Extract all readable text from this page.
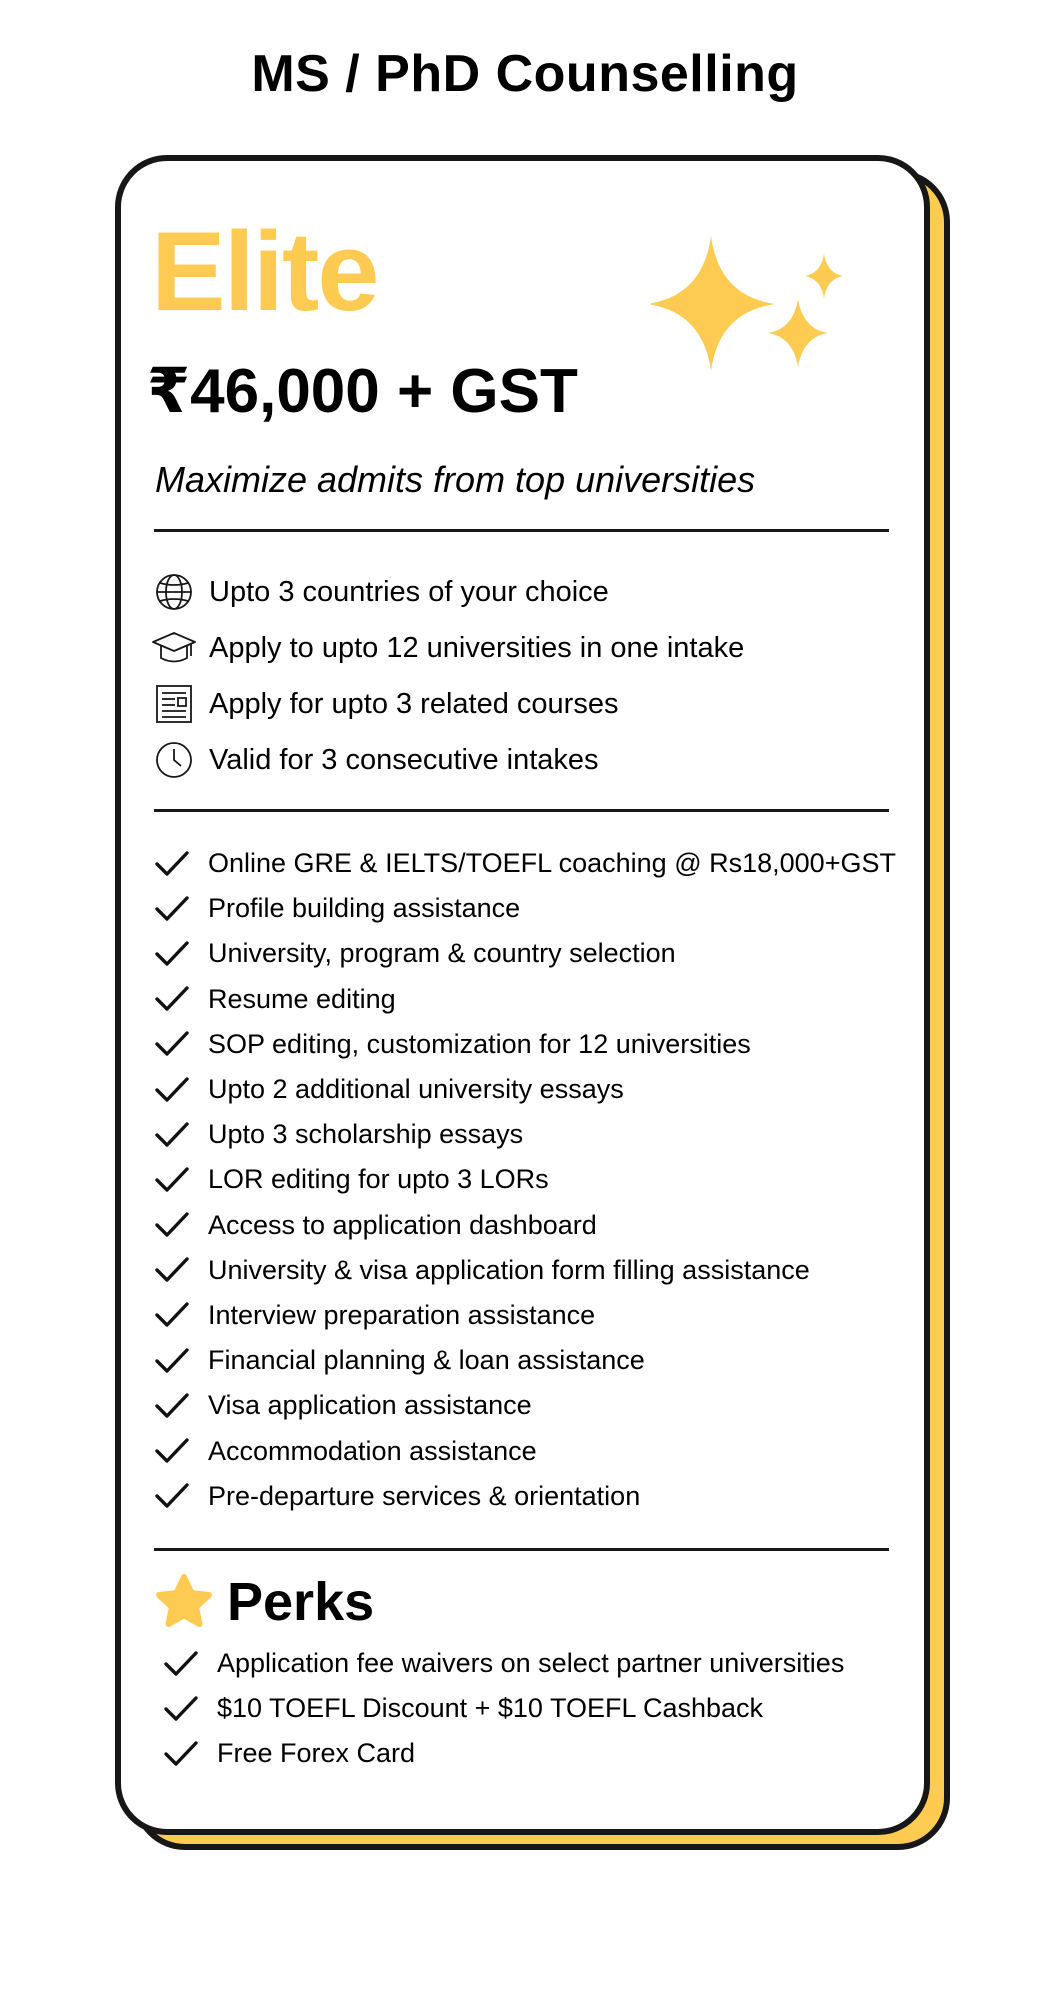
MS / PhD Counselling
Elite
₹46,000 + GST
Maximize admits from top universities
Upto 3 countries of your choice
Apply to upto 12 universities in one intake
Apply for upto 3 related courses
Valid for 3 consecutive intakes
Online GRE & IELTS/TOEFL coaching @ Rs18,000+GST
Profile building assistance
University, program & country selection
Resume editing
SOP editing, customization for 12 universities
Upto 2 additional university essays
Upto 3 scholarship essays
LOR editing for upto 3 LORs
Access to application dashboard
University & visa application form filling assistance
Interview preparation assistance
Financial planning & loan assistance
Visa application assistance
Accommodation assistance
Pre-departure services & orientation
Perks
Application fee waivers on select partner universities
$10 TOEFL Discount + $10 TOEFL Cashback
Free Forex Card
